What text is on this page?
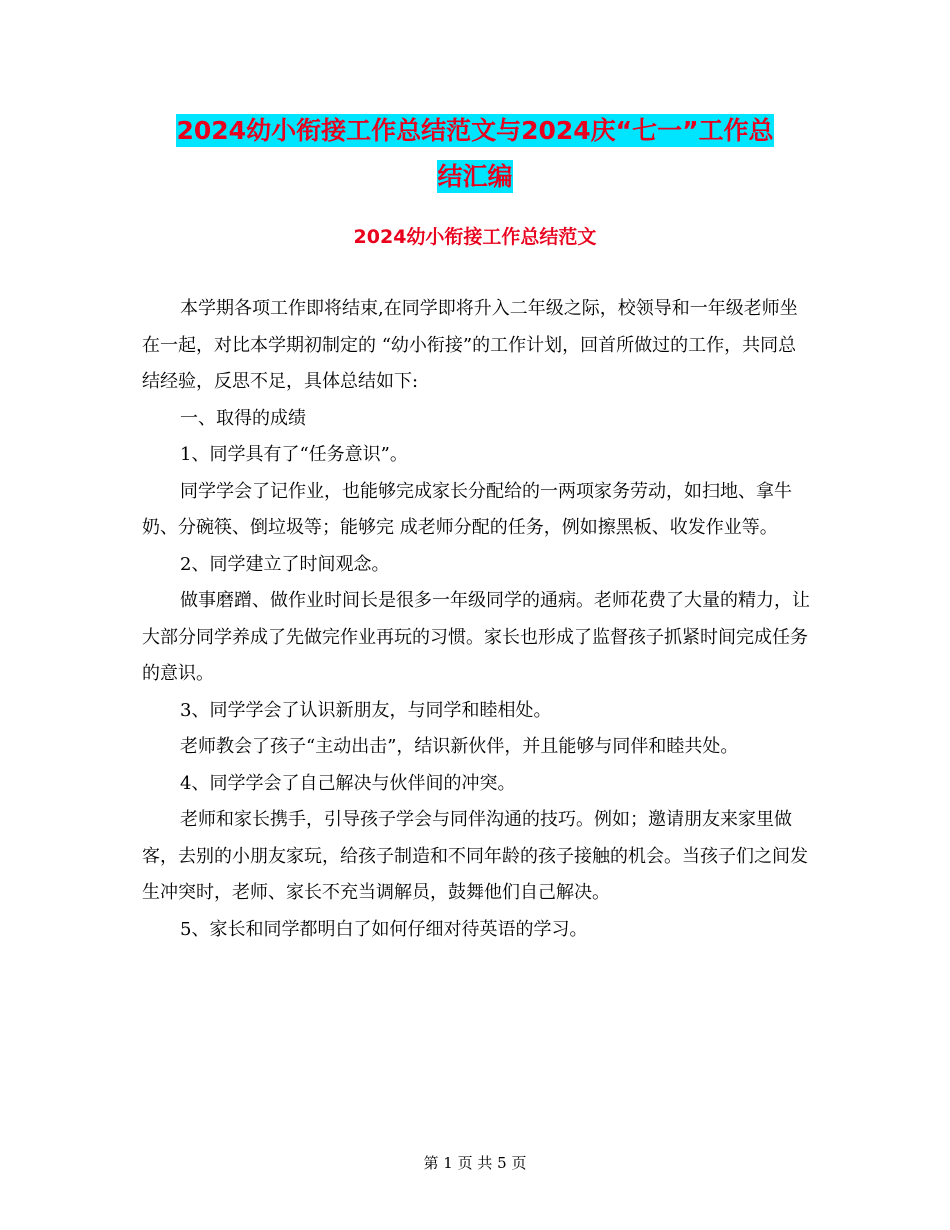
2024幼小衔接工作总结范文与2024庆“七一”工作总
结汇编
2024幼小衔接工作总结范文

本学期各项工作即将结束,在同学即将升入二年级之际，校领导和一年级老师坐在一起，对比本学期初制定的 “幼小衔接”的工作计划，回首所做过的工作，共同总结经验，反思不足，具体总结如下:

一、取得的成绩

1、同学具有了“任务意识”。

同学学会了记作业，也能够完成家长分配给的一两项家务劳动，如扫地、拿牛奶、分碗筷、倒垃圾等；能够完 成老师分配的任务，例如擦黑板、收发作业等。

2、同学建立了时间观念。

做事磨蹭、做作业时间长是很多一年级同学的通病。老师花费了大量的精力，让大部分同学养成了先做完作业再玩的习惯。家长也形成了监督孩子抓紧时间完成任务的意识。

3、同学学会了认识新朋友，与同学和睦相处。

老师教会了孩子“主动出击”，结识新伙伴，并且能够与同伴和睦共处。

4、同学学会了自己解决与伙伴间的冲突。

老师和家长携手，引导孩子学会与同伴沟通的技巧。例如；邀请朋友来家里做客，去别的小朋友家玩，给孩子制造和不同年龄的孩子接触的机会。当孩子们之间发生冲突时，老师、家长不充当调解员，鼓舞他们自己解决。

5、家长和同学都明白了如何仔细对待英语的学习。

第 1 页 共 5 页
